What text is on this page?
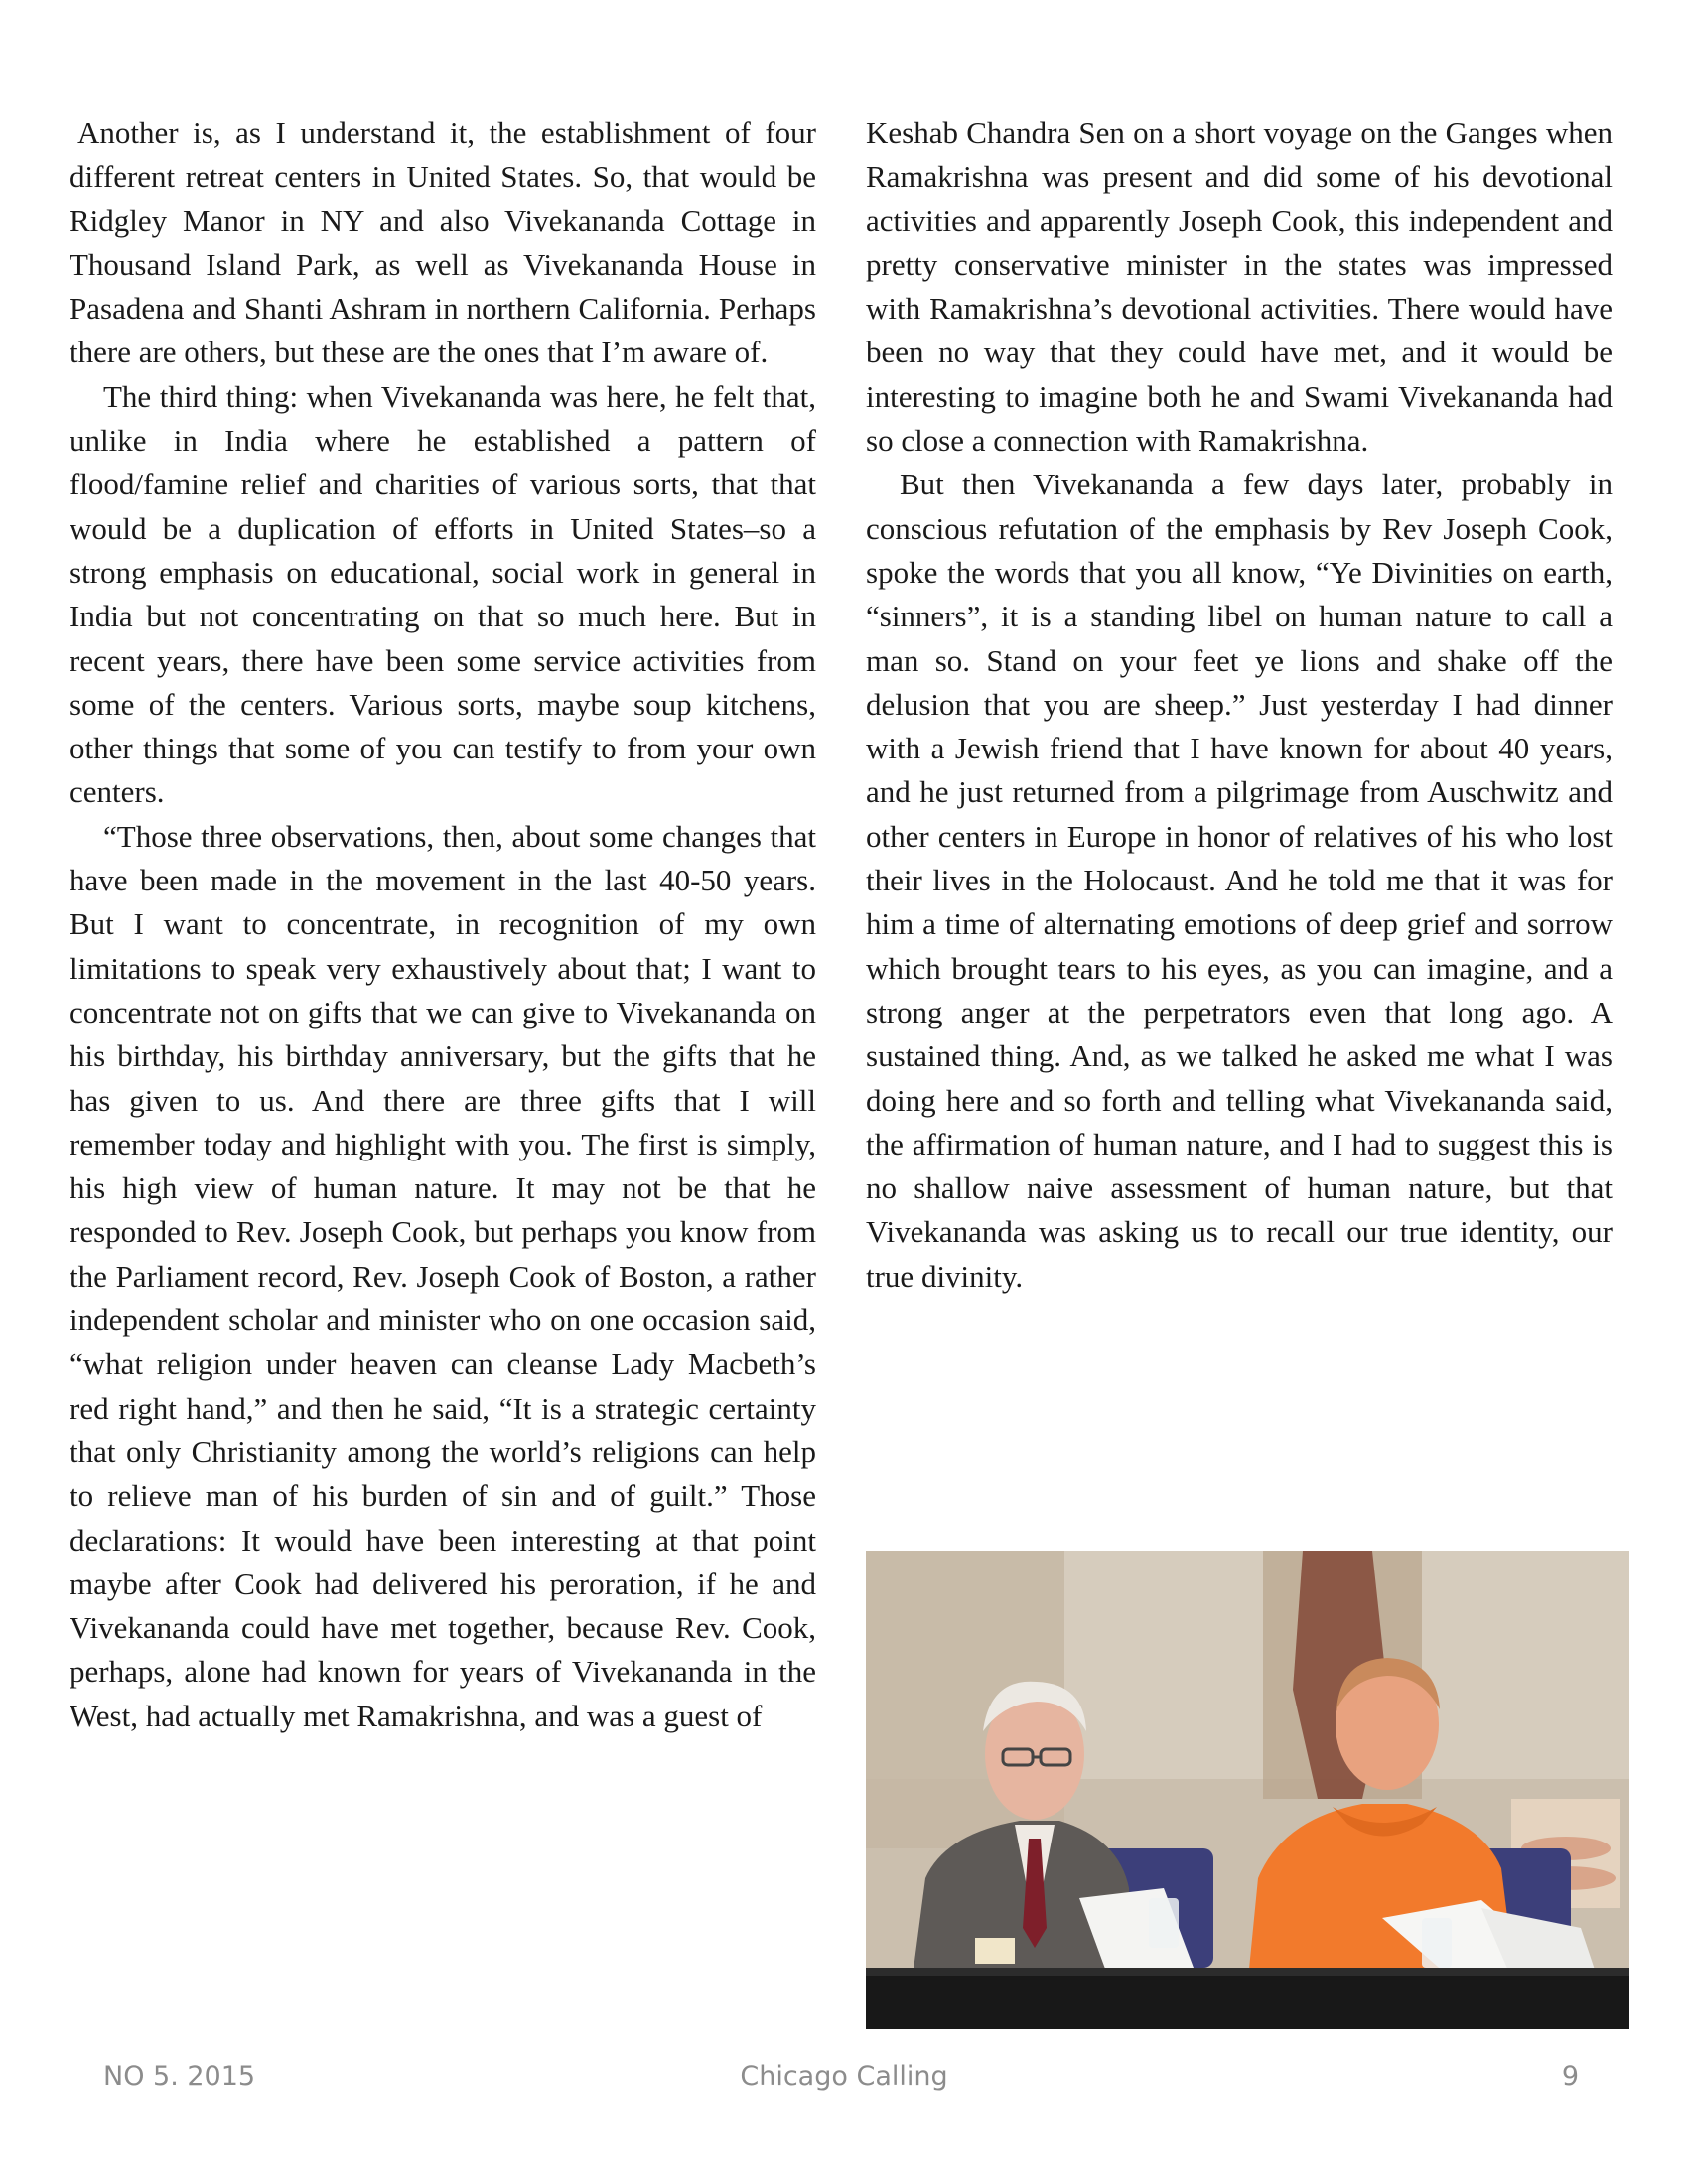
Another is, as I understand it, the establishment of four different retreat centers in United States. So, that would be Ridgley Manor in NY and also Vivekananda Cottage in Thousand Island Park, as well as Vivekananda House in Pasadena and Shanti Ashram in northern California. Perhaps there are others, but these are the ones that I’m aware of.

The third thing: when Vivekananda was here, he felt that, unlike in India where he established a pattern of flood/famine relief and charities of various sorts, that that would be a duplication of efforts in United States–so a strong emphasis on educational, social work in general in India but not concentrating on that so much here. But in recent years, there have been some service activities from some of the centers. Various sorts, maybe soup kitchens, other things that some of you can testify to from your own centers.

“Those three observations, then, about some changes that have been made in the movement in the last 40-50 years. But I want to concentrate, in recognition of my own limitations to speak very exhaustively about that; I want to concentrate not on gifts that we can give to Vivekananda on his birthday, his birthday anniversary, but the gifts that he has given to us. And there are three gifts that I will remember today and highlight with you. The first is simply, his high view of human nature. It may not be that he responded to Rev. Joseph Cook, but perhaps you know from the Parliament record, Rev. Joseph Cook of Boston, a rather independent scholar and minister who on one occasion said, “what religion under heaven can cleanse Lady Macbeth’s red right hand,” and then he said, “It is a strategic certainty that only Christianity among the world’s religions can help to relieve man of his burden of sin and of guilt.” Those declarations: It would have been interesting at that point maybe after Cook had delivered his peroration, if he and Vivekananda could have met together, because Rev. Cook, perhaps, alone had known for years of Vivekananda in the West, had actually met Ramakrishna, and was a guest of

Keshab Chandra Sen on a short voyage on the Ganges when Ramakrishna was present and did some of his devotional activities and apparently Joseph Cook, this independent and pretty conservative minister in the states was impressed with Ramakrishna’s devotional activities. There would have been no way that they could have met, and it would be interesting to imagine both he and Swami Vivekananda had so close a connection with Ramakrishna.

But then Vivekananda a few days later, probably in conscious refutation of the emphasis by Rev Joseph Cook, spoke the words that you all know, “Ye Divinities on earth, “sinners”, it is a standing libel on human nature to call a man so. Stand on your feet ye lions and shake off the delusion that you are sheep.” Just yesterday I had dinner with a Jewish friend that I have known for about 40 years, and he just returned from a pilgrimage from Auschwitz and other centers in Europe in honor of relatives of his who lost their lives in the Holocaust. And he told me that it was for him a time of alternating emotions of deep grief and sorrow which brought tears to his eyes, as you can imagine, and a strong anger at the perpetrators even that long ago. A sustained thing. And, as we talked he asked me what I was doing here and so forth and telling what Vivekananda said, the affirmation of human nature, and I had to suggest this is no shallow naive assessment of human nature, but that Vivekananda was asking us to recall our true identity, our true divinity.

NO 5. 2015	Chicago Calling	9
